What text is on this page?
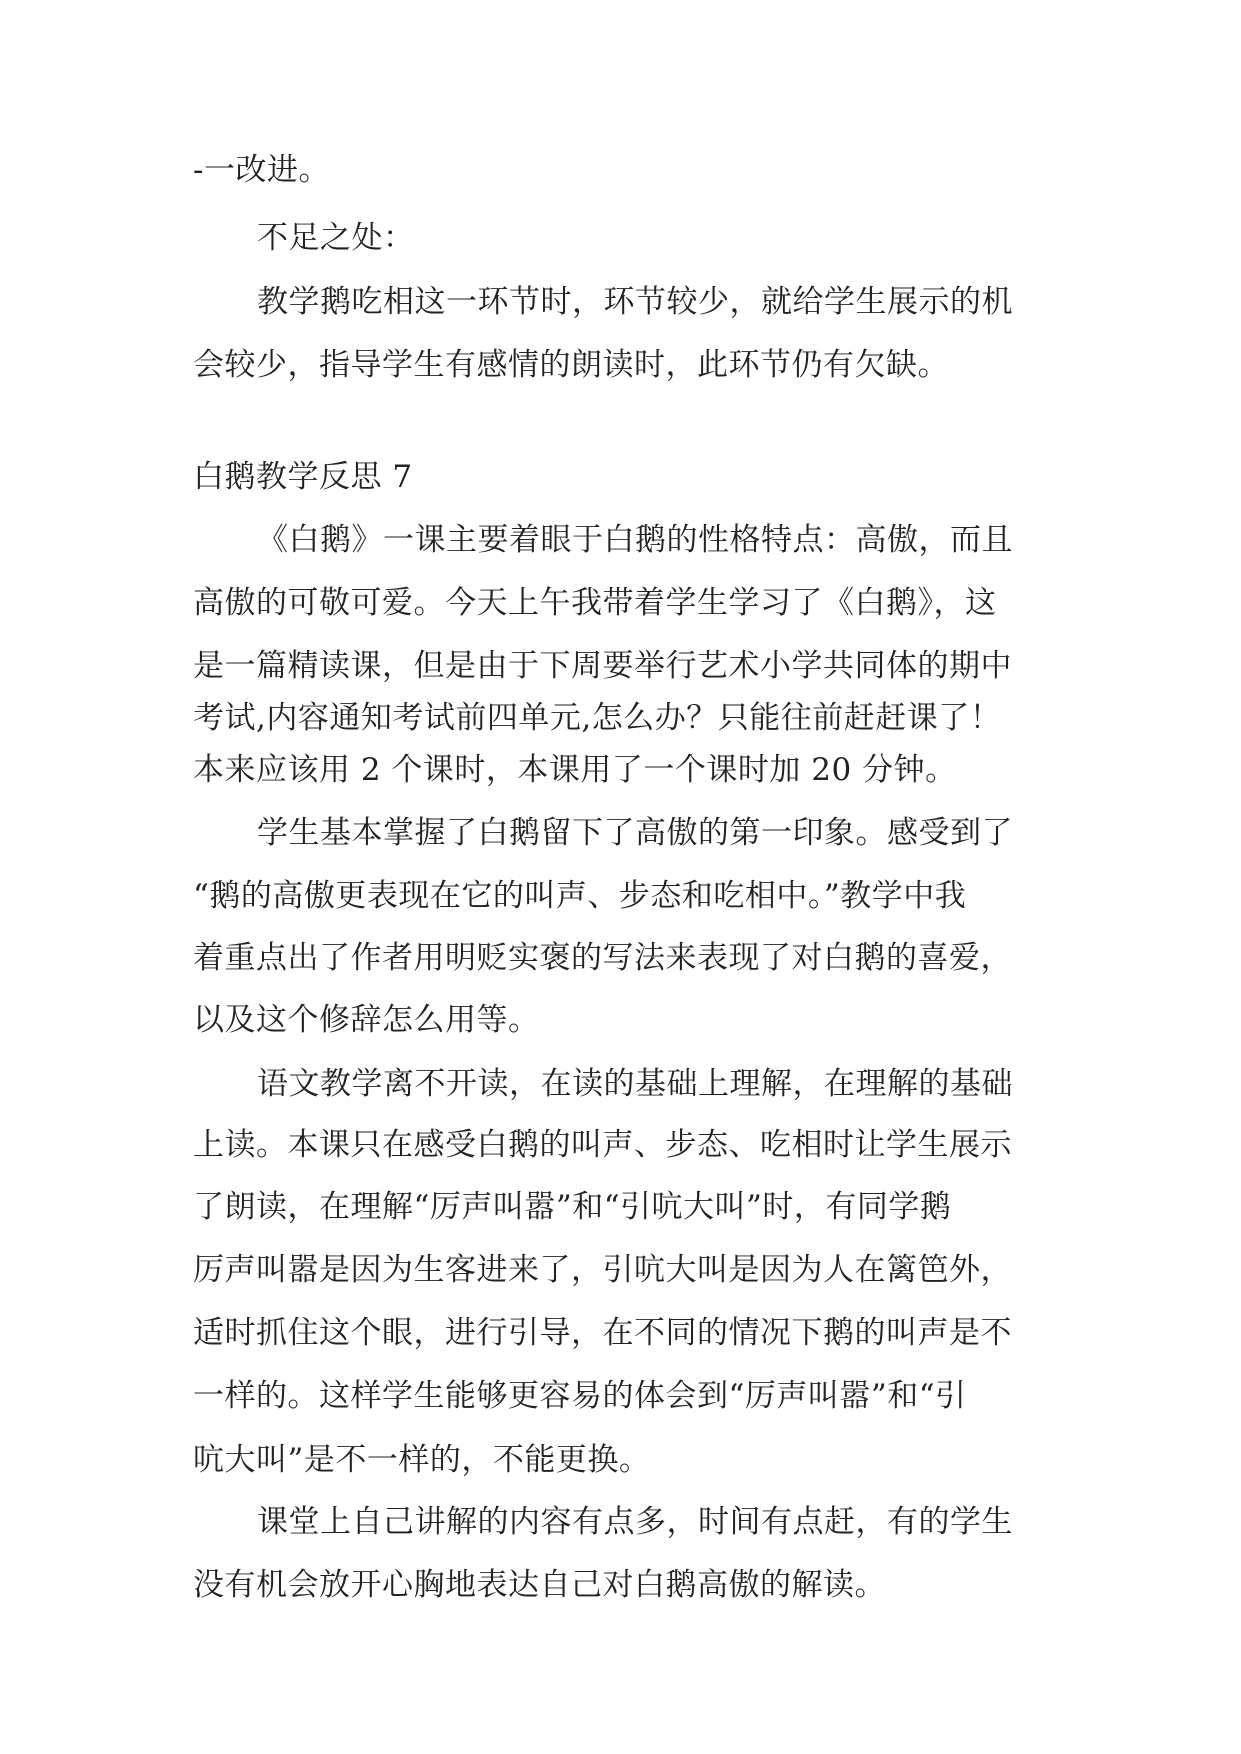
-一改进。

不足之处：

教学鹅吃相这一环节时，环节较少，就给学生展示的机

会较少，指导学生有感情的朗读时，此环节仍有欠缺。

白鹅教学反思 7

《白鹅》一课主要着眼于白鹅的性格特点：高傲，而且

高傲的可敬可爱。今天上午我带着学生学习了《白鹅》，这

是一篇精读课，但是由于下周要举行艺术小学共同体的期中

考试,内容通知考试前四单元,怎么办？只能往前赶赶课了！

本来应该用 2 个课时，本课用了一个课时加 20 分钟。

学生基本掌握了白鹅留下了高傲的第一印象。感受到了

“鹅的高傲更表现在它的叫声、步态和吃相中。”教学中我

着重点出了作者用明贬实褒的写法来表现了对白鹅的喜爱，

以及这个修辞怎么用等。

语文教学离不开读，在读的基础上理解，在理解的基础

上读。本课只在感受白鹅的叫声、步态、吃相时让学生展示

了朗读，在理解“厉声叫嚣”和“引吭大叫”时，有同学鹅

厉声叫嚣是因为生客进来了，引吭大叫是因为人在篱笆外，

适时抓住这个眼，进行引导，在不同的情况下鹅的叫声是不

一样的。这样学生能够更容易的体会到“厉声叫嚣”和“引

吭大叫”是不一样的，不能更换。

课堂上自己讲解的内容有点多，时间有点赶，有的学生

没有机会放开心胸地表达自己对白鹅高傲的解读。
